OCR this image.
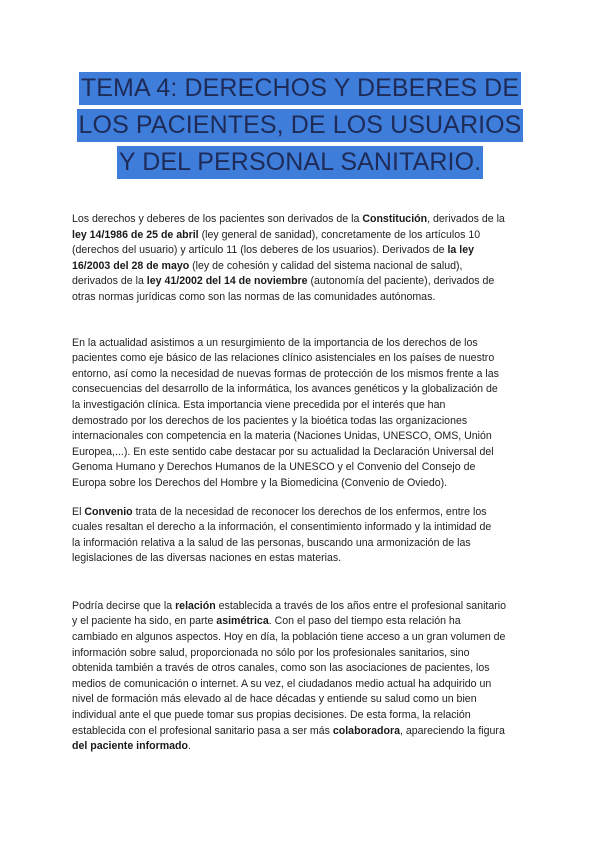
TEMA 4: DERECHOS Y DEBERES DE
LOS PACIENTES, DE LOS USUARIOS
Y DEL PERSONAL SANITARIO.

Los derechos y deberes de los pacientes son derivados de la Constitución, derivados de la
ley 14/1986 de 25 de abril (ley general de sanidad), concretamente de los artículos 10
(derechos del usuario) y artículo 11 (los deberes de los usuarios). Derivados de la ley
16/2003 del 28 de mayo (ley de cohesión y calidad del sistema nacional de salud),
derivados de la ley 41/2002 del 14 de noviembre (autonomía del paciente), derivados de
otras normas jurídicas como son las normas de las comunidades autónomas.

En la actualidad asistimos a un resurgimiento de la importancia de los derechos de los
pacientes como eje básico de las relaciones clínico asistenciales en los países de nuestro
entorno, así como la necesidad de nuevas formas de protección de los mismos frente a las
consecuencias del desarrollo de la informática, los avances genéticos y la globalización de
la investigación clínica. Esta importancia viene precedida por el interés que han
demostrado por los derechos de los pacientes y la bioética todas las organizaciones
internacionales con competencia en la materia (Naciones Unidas, UNESCO, OMS, Unión
Europea,...). En este sentido cabe destacar por su actualidad la Declaración Universal del
Genoma Humano y Derechos Humanos de la UNESCO y el Convenio del Consejo de
Europa sobre los Derechos del Hombre y la Biomedicina (Convenio de Oviedo).

El Convenio trata de la necesidad de reconocer los derechos de los enfermos, entre los
cuales resaltan el derecho a la información, el consentimiento informado y la intimidad de
la información relativa a la salud de las personas, buscando una armonización de las
legislaciones de las diversas naciones en estas materias.

Podría decirse que la relación establecida a través de los años entre el profesional sanitario
y el paciente ha sido, en parte asimétrica. Con el paso del tiempo esta relación ha
cambiado en algunos aspectos. Hoy en día, la población tiene acceso a un gran volumen de
información sobre salud, proporcionada no sólo por los profesionales sanitarios, sino
obtenida también a través de otros canales, como son las asociaciones de pacientes, los
medios de comunicación o internet. A su vez, el ciudadanos medio actual ha adquirido un
nivel de formación más elevado al de hace décadas y entiende su salud como un bien
individual ante el que puede tomar sus propias decisiones. De esta forma, la relación
establecida con el profesional sanitario pasa a ser más colaboradora, apareciendo la figura
del paciente informado.
